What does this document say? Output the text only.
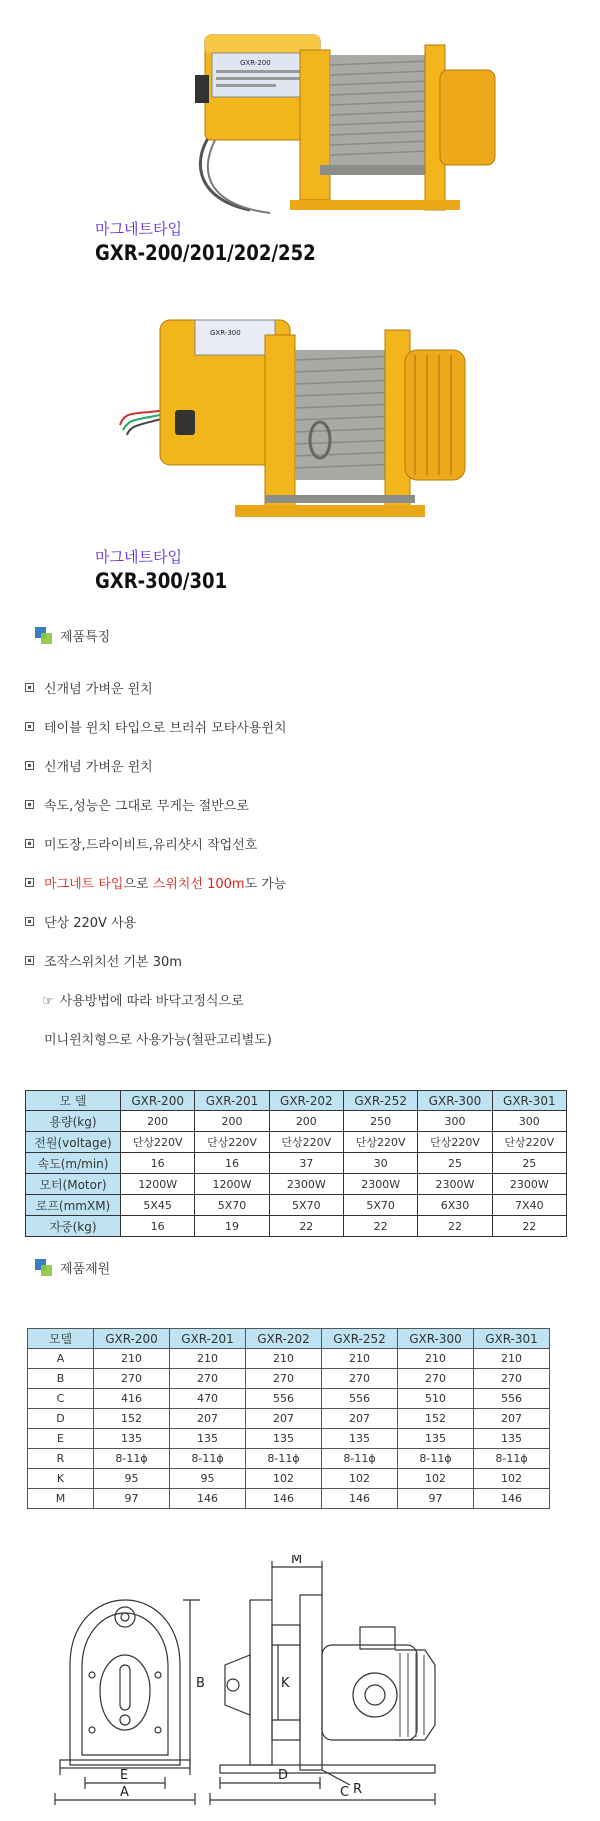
GXR-200
마그네트타입
GXR-200/201/202/252
GXR-300
마그네트타입
GXR-300/301
제품특징
신개념 가벼운 윈치
테이블 윈치 타입으로 브러쉬 모타사용윈치
신개념 가벼운 윈치
속도,성능은 그대로 무게는 절반으로
미도장,드라이비트,유리샷시 작업선호
마그네트 타입 으로 스위치선 100m 도 가능
단상 220V 사용
조작스위치선 기본 30m
☞ 사용방법에 따라 바닥고정식으로
미니윈치형으로 사용가능(철판고리별도)
모 델	GXR-200	GXR-201	GXR-202	GXR-252	GXR-300	GXR-301
용량(kg)	200	200	200	250	300	300
전원(voltage)	단상220V	단상220V	단상220V	단상220V	단상220V	단상220V
속도(m/min)	16	16	37	30	25	25
모터(Motor)	1200W	1200W	2300W	2300W	2300W	2300W
로프(mmXM)	5X45	5X70	5X70	5X70	6X30	7X40
자중(kg)	16	19	22	22	22	22
제품제원
모델	GXR-200	GXR-201	GXR-202	GXR-252	GXR-300	GXR-301
A	210	210	210	210	210	210
B	270	270	270	270	270	270
C	416	470	556	556	510	556
D	152	207	207	207	152	207
E	135	135	135	135	135	135
R	8-11ϕ	8-11ϕ	8-11ϕ	8-11ϕ	8-11ϕ	8-11ϕ
K	95	95	102	102	102	102
M	97	146	146	146	97	146
A
E
B
M
K
D
R
C
